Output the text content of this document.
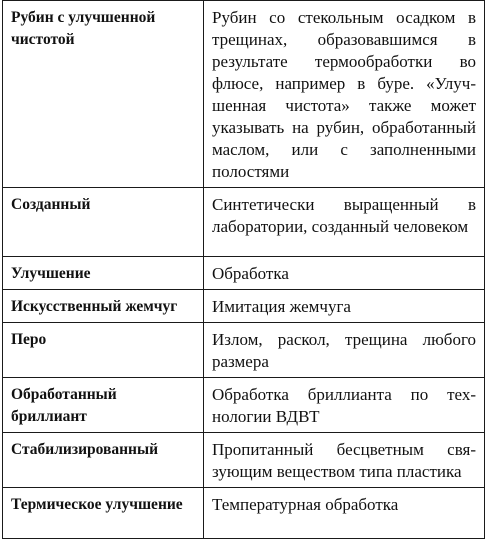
Рубин с улучшенной чистотой	Рубин со стекольным осадком в трещинах, образовавшимся в результате термообработки во флюсе, например в буре. «Улучшенная чистота» также может указывать на рубин, обработанный маслом, или с заполненными полостями
Созданный	Синтетически выращенный в лаборатории, созданный человеком
Улучшение	Обработка
Искусственный жемчуг	Имитация жемчуга
Перо	Излом, раскол, трещина любого размера
Обработанный бриллиант	Обработка бриллианта по технологии ВДВТ
Стабилизированный	Пропитанный бесцветным связующим веществом типа пластика
Термическое улучшение	Температурная обработка
